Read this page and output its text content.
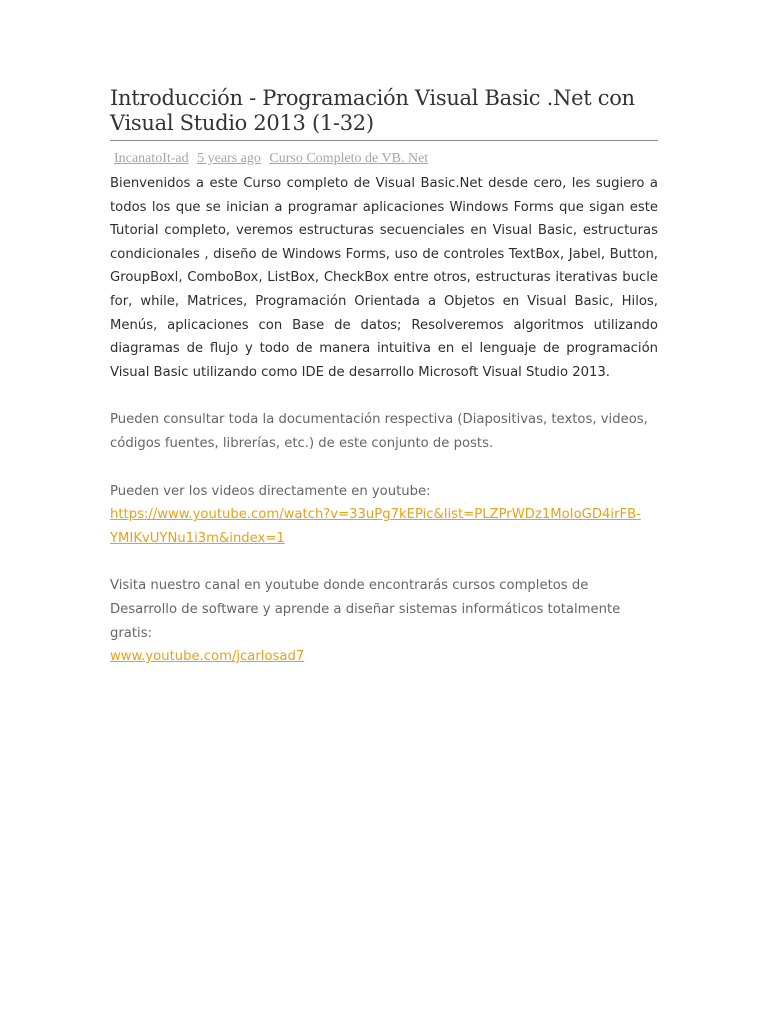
Introducción - Programación Visual Basic .Net con Visual Studio 2013 (1-32)
IncanatoIt-ad 5 years ago Curso Completo de VB. Net

Bienvenidos a este Curso completo de Visual Basic.Net desde cero, les sugiero a todos los que se inician a programar aplicaciones Windows Forms que sigan este Tutorial completo, veremos estructuras secuenciales en Visual Basic, estructuras condicionales , diseño de Windows Forms, uso de controles TextBox, Jabel, Button, GroupBoxl, ComboBox, ListBox, CheckBox entre otros, estructuras iterativas bucle for, while, Matrices, Programación Orientada a Objetos en Visual Basic, Hilos, Menús, aplicaciones con Base de datos; Resolveremos algoritmos utilizando diagramas de flujo y todo de manera intuitiva en el lenguaje de programación Visual Basic utilizando como IDE de desarrollo Microsoft Visual Studio 2013.

Pueden consultar toda la documentación respectiva (Diapositivas, textos, videos, códigos fuentes, librerías, etc.) de este conjunto de posts.

Pueden ver los videos directamente en youtube:
https://www.youtube.com/watch?v=33uPg7kEPic&list=PLZPrWDz1MoIoGD4irFB-
YMIKvUYNu1i3m&index=1
Visita nuestro canal en youtube donde encontrarás cursos completos de Desarrollo de software y aprende a diseñar sistemas informáticos totalmente gratis:
www.youtube.com/jcarlosad7
